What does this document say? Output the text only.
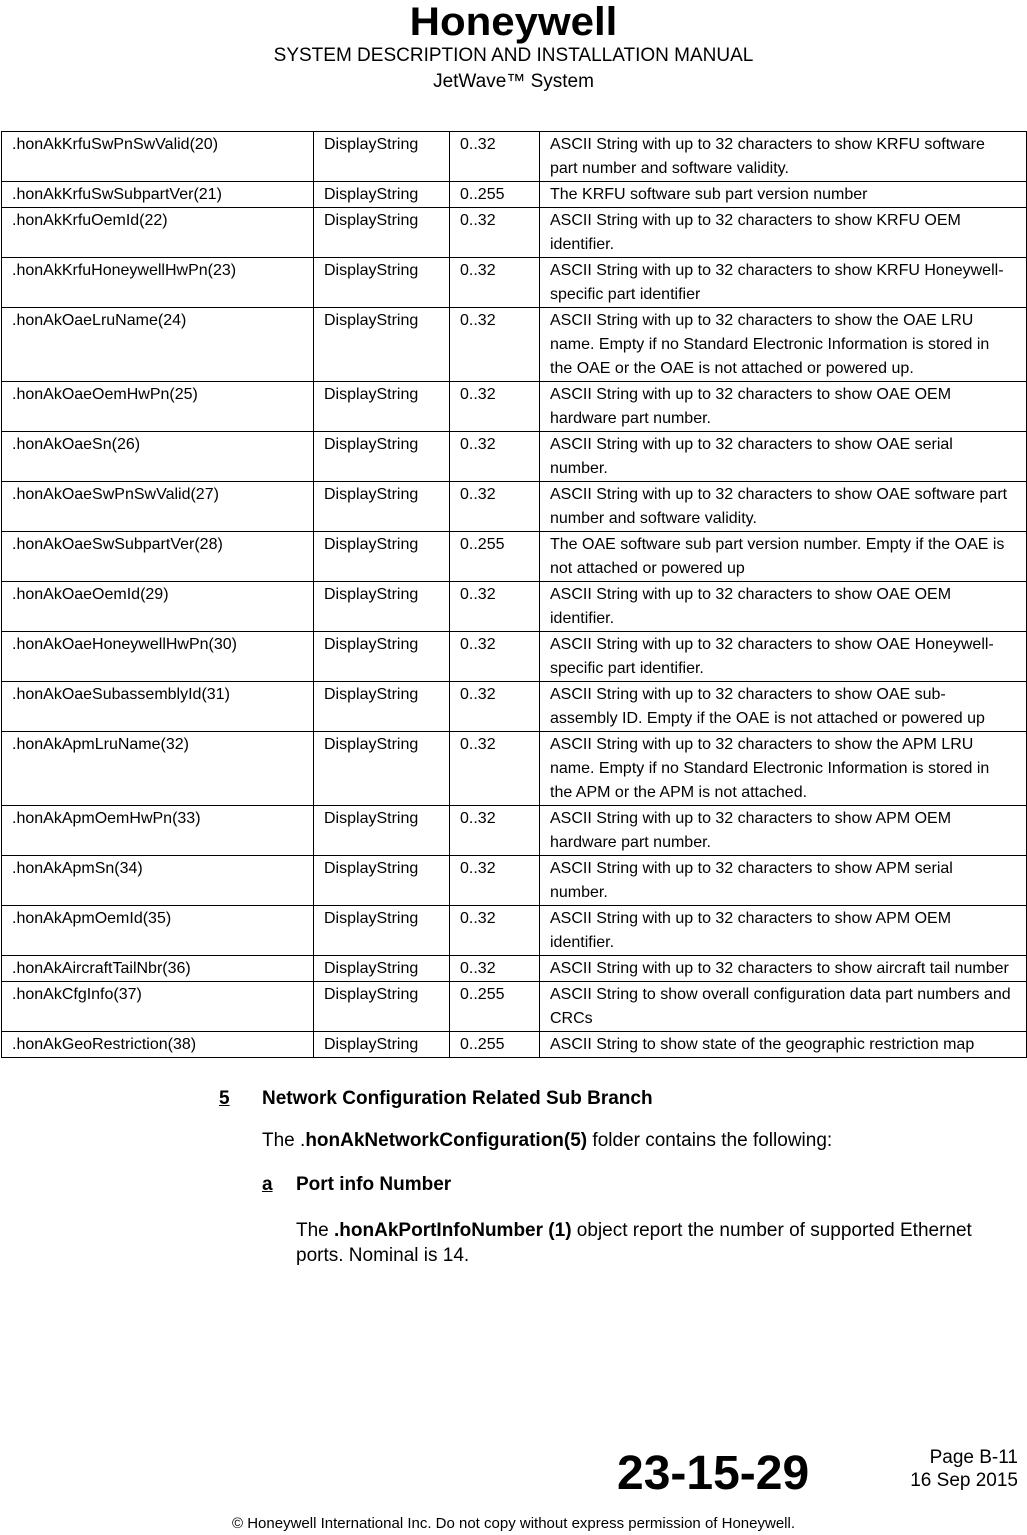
Honeywell
SYSTEM DESCRIPTION AND INSTALLATION MANUAL
JetWave™ System
.honAkKrfuSwPnSwValid(20)	DisplayString	0..32	ASCII String with up to 32 characters to show KRFU software part number and software validity.
.honAkKrfuSwSubpartVer(21)	DisplayString	0..255	The KRFU software sub part version number
.honAkKrfuOemId(22)	DisplayString	0..32	ASCII String with up to 32 characters to show KRFU OEM identifier.
.honAkKrfuHoneywellHwPn(23)	DisplayString	0..32	ASCII String with up to 32 characters to show KRFU Honeywell-specific part identifier
.honAkOaeLruName(24)	DisplayString	0..32	ASCII String with up to 32 characters to show the OAE LRU name. Empty if no Standard Electronic Information is stored in the OAE or the OAE is not attached or powered up.
.honAkOaeOemHwPn(25)	DisplayString	0..32	ASCII String with up to 32 characters to show OAE OEM hardware part number.
.honAkOaeSn(26)	DisplayString	0..32	ASCII String with up to 32 characters to show OAE serial number.
.honAkOaeSwPnSwValid(27)	DisplayString	0..32	ASCII String with up to 32 characters to show OAE software part number and software validity.
.honAkOaeSwSubpartVer(28)	DisplayString	0..255	The OAE software sub part version number. Empty if the OAE is not attached or powered up
.honAkOaeOemId(29)	DisplayString	0..32	ASCII String with up to 32 characters to show OAE OEM identifier.
.honAkOaeHoneywellHwPn(30)	DisplayString	0..32	ASCII String with up to 32 characters to show OAE Honeywell-specific part identifier.
.honAkOaeSubassemblyId(31)	DisplayString	0..32	ASCII String with up to 32 characters to show OAE sub-assembly ID. Empty if the OAE is not attached or powered up
.honAkApmLruName(32)	DisplayString	0..32	ASCII String with up to 32 characters to show the APM LRU name. Empty if no Standard Electronic Information is stored in the APM or the APM is not attached.
.honAkApmOemHwPn(33)	DisplayString	0..32	ASCII String with up to 32 characters to show APM OEM hardware part number.
.honAkApmSn(34)	DisplayString	0..32	ASCII String with up to 32 characters to show APM serial number.
.honAkApmOemId(35)	DisplayString	0..32	ASCII String with up to 32 characters to show APM OEM identifier.
.honAkAircraftTailNbr(36)	DisplayString	0..32	ASCII String with up to 32 characters to show aircraft tail number
.honAkCfgInfo(37)	DisplayString	0..255	ASCII String to show overall configuration data part numbers and CRCs
.honAkGeoRestriction(38)	DisplayString	0..255	ASCII String to show state of the geographic restriction map
5 Network Configuration Related Sub Branch
The .honAkNetworkConfiguration(5) folder contains the following:
a Port info Number
The .honAkPortInfoNumber (1) object report the number of supported Ethernet ports. Nominal is 14.
23-15-29	Page B-11
16 Sep 2015
© Honeywell International Inc. Do not copy without express permission of Honeywell.
